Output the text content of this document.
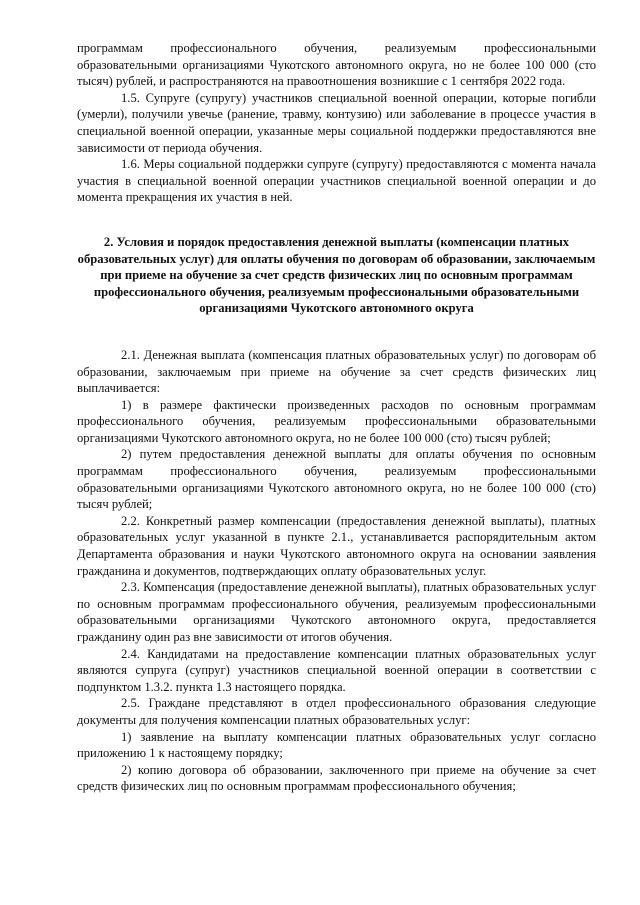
программам профессионального обучения, реализуемым профессиональными образовательными организациями Чукотского автономного округа, но не более 100 000 (сто тысяч) рублей, и распространяются на правоотношения возникшие с 1 сентября 2022 года.

1.5. Супруге (супругу) участников специальной военной операции, которые погибли (умерли), получили увечье (ранение, травму, контузию) или заболевание в процессе участия в специальной военной операции, указанные меры социальной поддержки предоставляются вне зависимости от периода обучения.

1.6. Меры социальной поддержки супруге (супругу) предоставляются с момента начала участия в специальной военной операции участников специальной военной операции и до момента прекращения их участия в ней.

2. Условия и порядок предоставления денежной выплаты (компенсации платных образовательных услуг) для оплаты обучения по договорам об образовании, заключаемым при приеме на обучение за счет средств физических лиц по основным программам профессионального обучения, реализуемым профессиональными образовательными организациями Чукотского автономного округа

2.1. Денежная выплата (компенсация платных образовательных услуг) по договорам об образовании, заключаемым при приеме на обучение за счет средств физических лиц выплачивается:

1) в размере фактически произведенных расходов по основным программам профессионального обучения, реализуемым профессиональными образовательными организациями Чукотского автономного округа, но не более 100 000 (сто) тысяч рублей;

2) путем предоставления денежной выплаты для оплаты обучения по основным программам профессионального обучения, реализуемым профессиональными образовательными организациями Чукотского автономного округа, но не более 100 000 (сто) тысяч рублей;

2.2. Конкретный размер компенсации (предоставления денежной выплаты), платных образовательных услуг указанной в пункте 2.1., устанавливается распорядительным актом Департамента образования и науки Чукотского автономного округа на основании заявления гражданина и документов, подтверждающих оплату образовательных услуг.

2.3. Компенсация (предоставление денежной выплаты), платных образовательных услуг по основным программам профессионального обучения, реализуемым профессиональными образовательными организациями Чукотского автономного округа, предоставляется гражданину один раз вне зависимости от итогов обучения.

2.4. Кандидатами на предоставление компенсации платных образовательных услуг являются супруга (супруг) участников специальной военной операции в соответствии с подпунктом 1.3.2. пункта 1.3 настоящего порядка.

2.5. Граждане представляют в отдел профессионального образования следующие документы для получения компенсации платных образовательных услуг:

1) заявление на выплату компенсации платных образовательных услуг согласно приложению 1 к настоящему порядку;

2) копию договора об образовании, заключенного при приеме на обучение за счет средств физических лиц по основным программам профессионального обучения;
